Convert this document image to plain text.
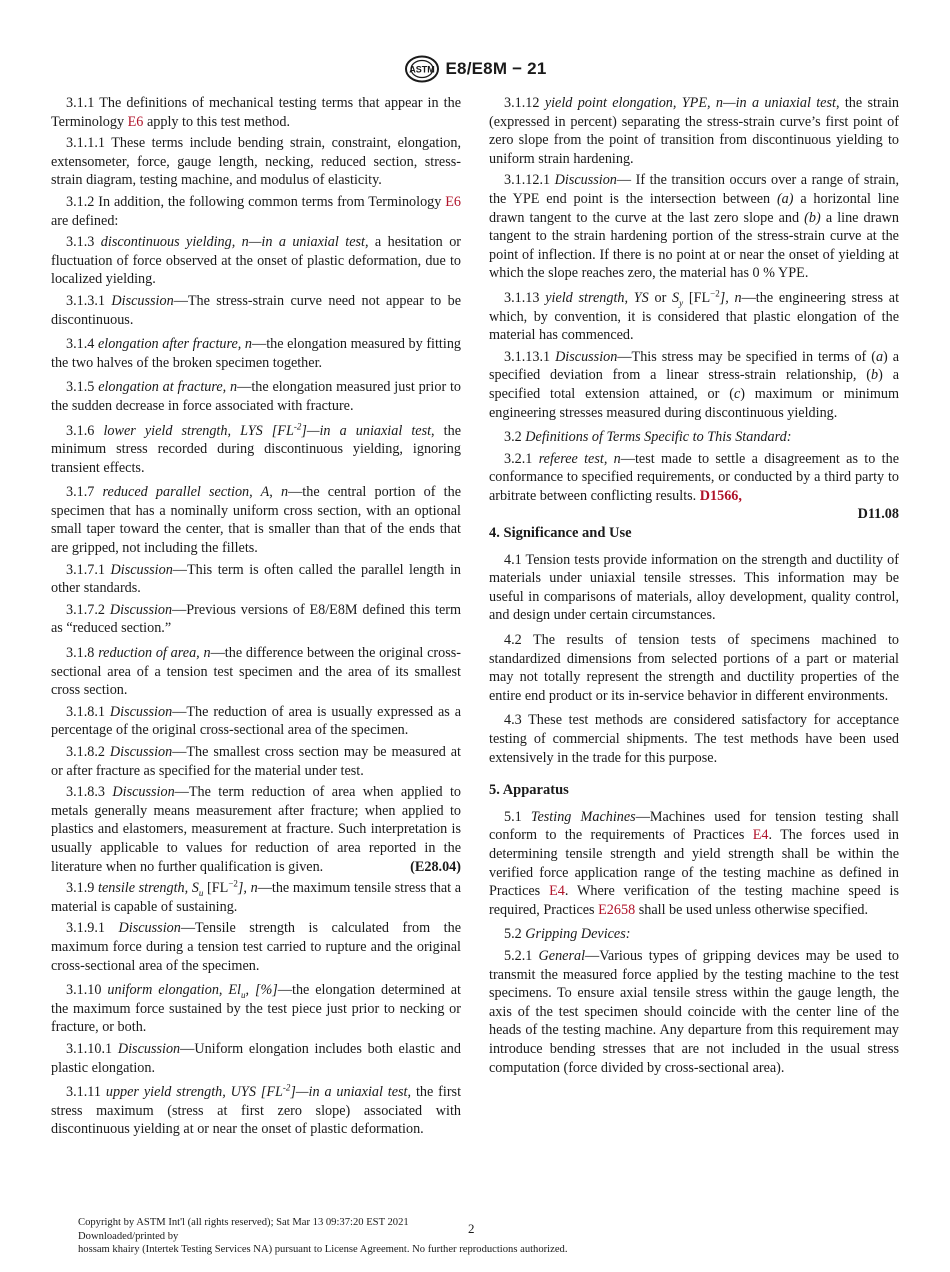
ASTM E8/E8M − 21

3.1.1 The definitions of mechanical testing terms that appear in the Terminology E6 apply to this test method.

3.1.1.1 These terms include bending strain, constraint, elongation, extensometer, force, gauge length, necking, reduced section, stress-strain diagram, testing machine, and modulus of elasticity.

3.1.2 In addition, the following common terms from Terminology E6 are defined:

3.1.3 discontinuous yielding, n—in a uniaxial test, a hesitation or fluctuation of force observed at the onset of plastic deformation, due to localized yielding.

3.1.3.1 Discussion—The stress-strain curve need not appear to be discontinuous.

3.1.4 elongation after fracture, n—the elongation measured by fitting the two halves of the broken specimen together.

3.1.5 elongation at fracture, n—the elongation measured just prior to the sudden decrease in force associated with fracture.

3.1.6 lower yield strength, LYS $[FL^{-2}]—in$ a uniaxial test, the minimum stress recorded during discontinuous yielding, ignoring transient effects.

3.1.7 reduced parallel section, A, n—the central portion of the specimen that has a nominally uniform cross section, with an optional small taper toward the center, that is smaller than that of the ends that are gripped, not including the fillets.

3.1.7.1 Discussion—This term is often called the parallel length in other standards.

3.1.7.2 Discussion—Previous versions of E8/E8M defined this term as “reduced section.”

3.1.8 reduction of area, n—the difference between the original cross-sectional area of a tension test specimen and the area of its smallest cross section.

3.1.8.1 Discussion—The reduction of area is usually expressed as a percentage of the original cross-sectional area of the specimen.

3.1.8.2 Discussion—The smallest cross section may be measured at or after fracture as specified for the material under test.

3.1.8.3 Discussion—The term reduction of area when applied to metals generally means measurement after fracture; when applied to plastics and elastomers, measurement at fracture. Such interpretation is usually applicable to values for reduction of area reported in the literature when no further qualification is given.	(E28.04)

3.1.9 tensile strength, $S_u$ $[FL^{-2}]$, n—the maximum tensile stress that a material is capable of sustaining.

3.1.9.1 Discussion—Tensile strength is calculated from the maximum force during a tension test carried to rupture and the original cross-sectional area of the specimen.

3.1.10 uniform elongation, $El_u$, [%]—the elongation determined at the maximum force sustained by the test piece just prior to necking or fracture, or both.

3.1.10.1 Discussion—Uniform elongation includes both elastic and plastic elongation.

3.1.11 upper yield strength, UYS $[FL^{-2}]—in$ a uniaxial test, the first stress maximum (stress at first zero slope) associated with discontinuous yielding at or near the onset of plastic deformation.

3.1.12 yield point elongation, YPE, n—in a uniaxial test, the strain (expressed in percent) separating the stress-strain curve’s first point of zero slope from the point of transition from discontinuous yielding to uniform strain hardening.

3.1.12.1 Discussion— If the transition occurs over a range of strain, the YPE end point is the intersection between (a) a horizontal line drawn tangent to the curve at the last zero slope and (b) a line drawn tangent to the strain hardening portion of the stress-strain curve at the point of inflection. If there is no point at or near the onset of yielding at which the slope reaches zero, the material has 0 % YPE.

3.1.13 yield strength, YS or $S_y$ $[FL^{-2}]$, n—the engineering stress at which, by convention, it is considered that plastic elongation of the material has commenced.

3.1.13.1 Discussion—This stress may be specified in terms of (a) a specified deviation from a linear stress-strain relationship, (b) a specified total extension attained, or (c) maximum or minimum engineering stresses measured during discontinuous yielding.

3.2 Definitions of Terms Specific to This Standard:

3.2.1 referee test, n—test made to settle a disagreement as to the conformance to specified requirements, or conducted by a third party to arbitrate between conflicting results. D1566,

D11.08

4. Significance and Use

4.1 Tension tests provide information on the strength and ductility of materials under uniaxial tensile stresses. This information may be useful in comparisons of materials, alloy development, quality control, and design under certain circumstances.

4.2 The results of tension tests of specimens machined to standardized dimensions from selected portions of a part or material may not totally represent the strength and ductility properties of the entire end product or its in-service behavior in different environments.

4.3 These test methods are considered satisfactory for acceptance testing of commercial shipments. The test methods have been used extensively in the trade for this purpose.

5. Apparatus

5.1 Testing Machines—Machines used for tension testing shall conform to the requirements of Practices E4. The forces used in determining tensile strength and yield strength shall be within the verified force application range of the testing machine as defined in Practices E4. Where verification of the testing machine speed is required, Practices E2658 shall be used unless otherwise specified.

5.2 Gripping Devices:

5.2.1 General—Various types of gripping devices may be used to transmit the measured force applied by the testing machine to the test specimens. To ensure axial tensile stress within the gauge length, the axis of the test specimen should coincide with the center line of the heads of the testing machine. Any departure from this requirement may introduce bending stresses that are not included in the usual stress computation (force divided by cross-sectional area).

2
Copyright by ASTM Int'l (all rights reserved); Sat Mar 13 09:37:20 EST 2021
Downloaded/printed by
hossam khairy (Intertek Testing Services NA) pursuant to License Agreement. No further reproductions authorized.
